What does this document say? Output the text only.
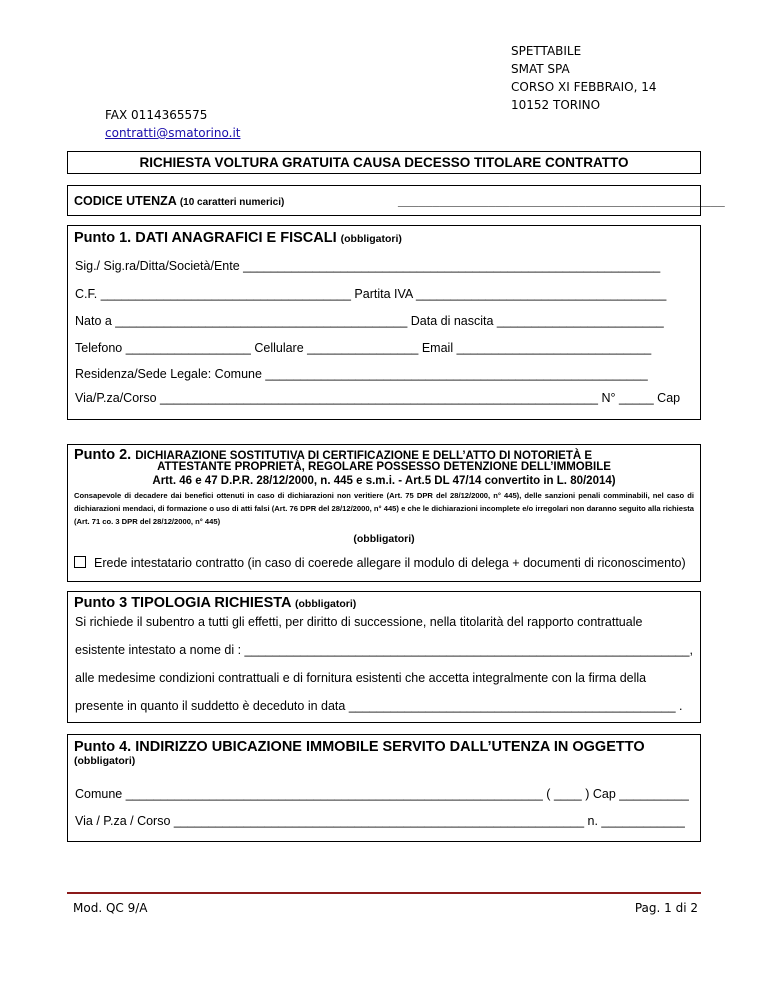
SPETTABILE
SMAT SPA
CORSO XI FEBBRAIO, 14
10152 TORINO
FAX 0114365575
contratti@smatorino.it
RICHIESTA VOLTURA GRATUITA CAUSA DECESSO TITOLARE CONTRATTO
CODICE UTENZA (10 caratteri numerici)	_______________________________________________
Punto 1. DATI ANAGRAFICI E FISCALI (obbligatori)
Sig./ Sig.ra/Ditta/Società/Ente ____________________________________________________________
C.F. ____________________________________ Partita IVA ____________________________________
Nato a __________________________________________ Data di nascita ________________________
Telefono __________________ Cellulare ________________ Email ____________________________
Residenza/Sede Legale: Comune _______________________________________________________
Via/P.za/Corso _______________________________________________________________ N° _____ Cap
Punto 2. DICHIARAZIONE SOSTITUTIVA DI CERTIFICAZIONE E DELL’ATTO DI NOTORIETÀ E
ATTESTANTE PROPRIETÀ, REGOLARE POSSESSO DETENZIONE DELL’IMMOBILE
Artt. 46 e 47 D.P.R. 28/12/2000, n. 445 e s.m.i. - Art.5 DL 47/14 convertito in L. 80/2014)
Consapevole di decadere dai benefici ottenuti in caso di dichiarazioni non veritiere (Art. 75 DPR del 28/12/2000, n° 445), delle sanzioni penali comminabili, nel caso di dichiarazioni mendaci, di formazione o uso di atti falsi (Art. 76 DPR del 28/12/2000, n° 445) e che le dichiarazioni incomplete e/o irregolari non daranno seguito alla richiesta (Art. 71 co. 3 DPR del 28/12/2000, n° 445)
(obbligatori)
Erede intestatario contratto (in caso di coerede allegare il modulo di delega + documenti di riconoscimento)
Punto 3 TIPOLOGIA RICHIESTA (obbligatori)
Si richiede il subentro a tutti gli effetti, per diritto di successione, nella titolarità del rapporto contrattuale
esistente intestato a nome di : ________________________________________________________________,
alle medesime condizioni contrattuali e di fornitura esistenti che accetta integralmente con la firma della
presente in quanto il suddetto è deceduto in data _______________________________________________ .
Punto 4. INDIRIZZO UBICAZIONE IMMOBILE SERVITO DALL’UTENZA IN OGGETTO
(obbligatori)
Comune ____________________________________________________________ ( ____ ) Cap __________
Via / P.za / Corso ___________________________________________________________ n. ____________
Mod. QC 9/A	Pag. 1 di 2
